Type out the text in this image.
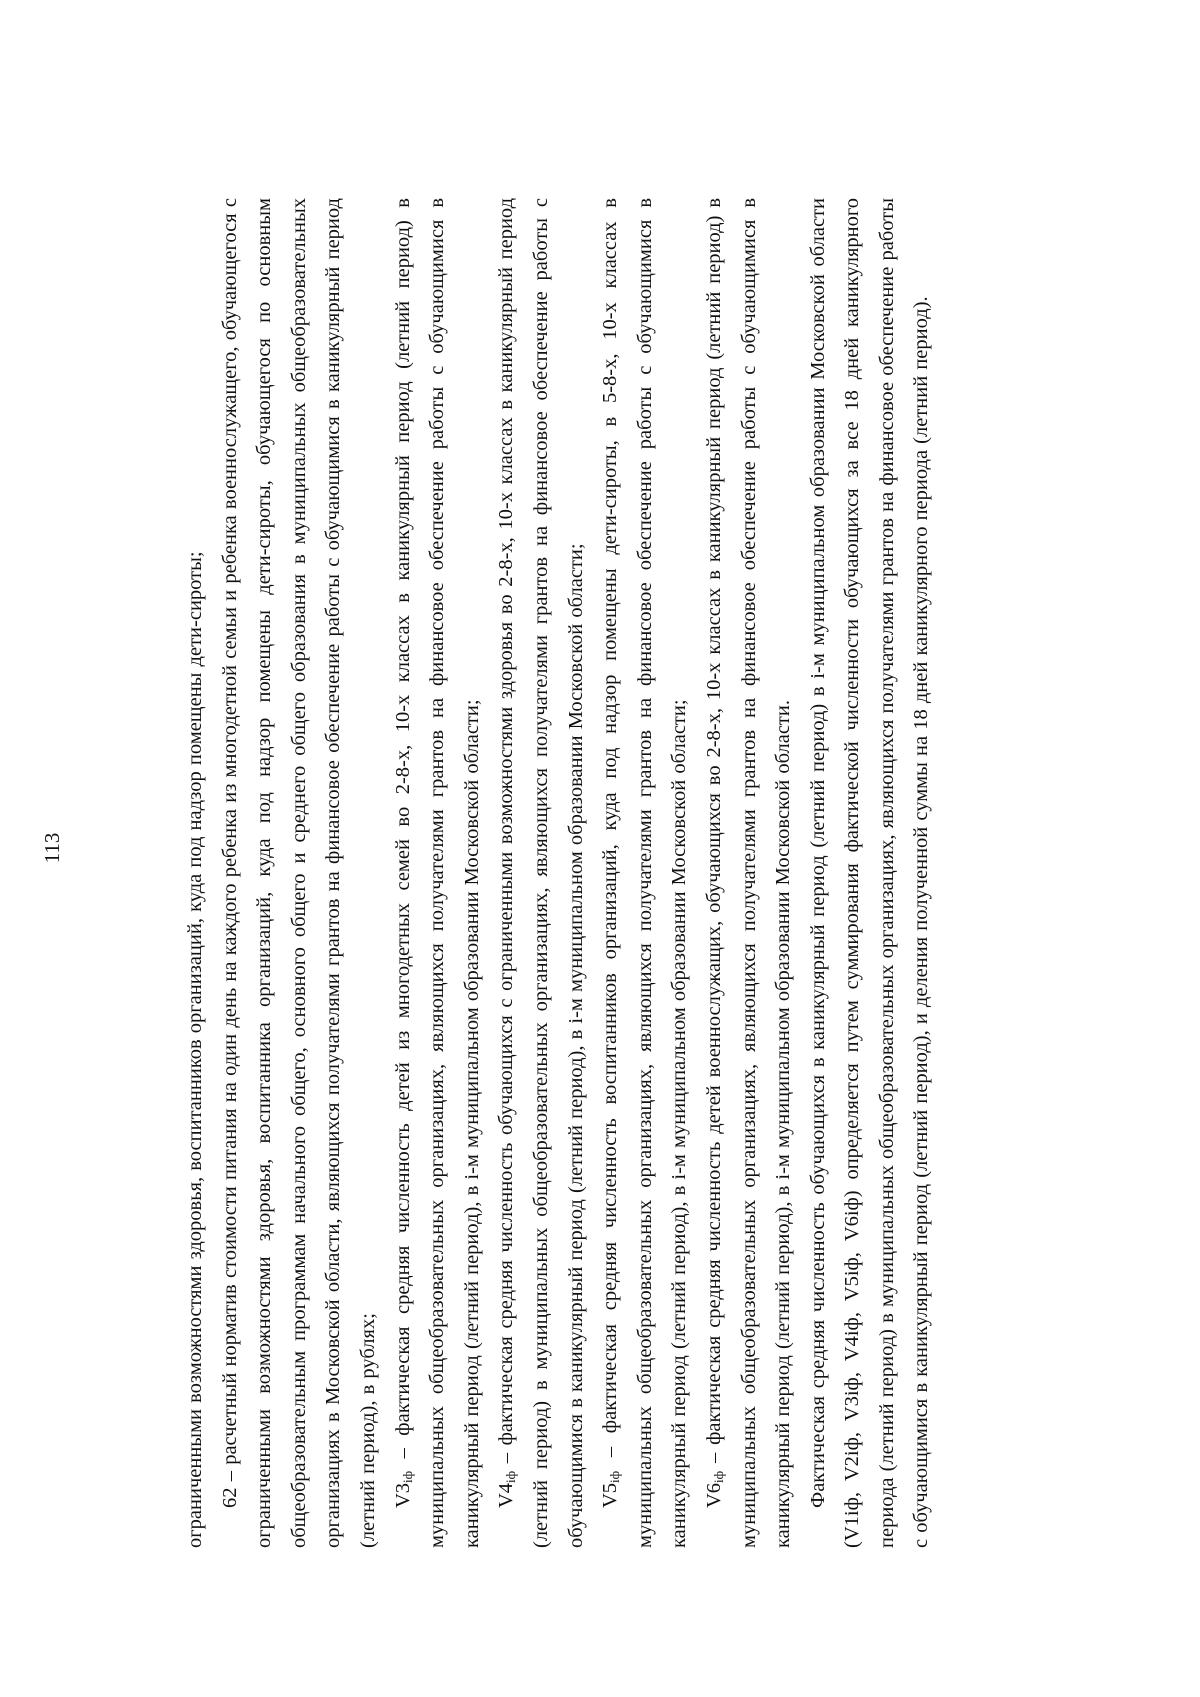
113	ограниченными возможностями здоровья, воспитанников организаций, куда под надзор помещены дети-сироты; 62 – расчетный норматив стоимости питания на один день на каждого ребенка из многодетной семьи и ребенка военнослужащего, обучающегося с ограниченными возможностями здоровья, воспитанника организаций, куда под надзор помещены дети-сироты, обучающегося по основным общеобразовательным программам начального общего, основного общего и среднего общего образования в муниципальных общеобразовательных организациях в Московской области, являющихся получателями грантов на финансовое обеспечение работы с обучающимися в каникулярный период (летний период), в рублях; $V3_{iф}$ – фактическая средняя численность детей из многодетных семей во 2-8-х, 10-х классах в каникулярный период (летний период) в муниципальных общеобразовательных организациях, являющихся получателями грантов на финансовое обеспечение работы с обучающимися в каникулярный период (летний период), в i-м муниципальном образовании Московской области; $V4_{iф}$ – фактическая средняя численность обучающихся с ограниченными возможностями здоровья во 2-8-х, 10-х классах в каникулярный период (летний период) в муниципальных общеобразовательных организациях, являющихся получателями грантов на финансовое обеспечение работы с обучающимися в каникулярный период (летний период), в i-м муниципальном образовании Московской области; $V5_{iф}$ – фактическая средняя численность воспитанников организаций, куда под надзор помещены дети-сироты, в 5-8-х, 10-х классах в муниципальных общеобразовательных организациях, являющихся получателями грантов на финансовое обеспечение работы с обучающимися в каникулярный период (летний период), в i-м муниципальном образовании Московской области; $V6_{iф}$ – фактическая средняя численность детей военнослужащих, обучающихся во 2-8-х, 10-х классах в каникулярный период (летний период) в муниципальных общеобразовательных организациях, являющихся получателями грантов на финансовое обеспечение работы с обучающимися в каникулярный период (летний период), в i-м муниципальном образовании Московской области. Фактическая средняя численность обучающихся в каникулярный период (летний период) в i-м муниципальном образовании Московской области (V1iф, V2iф, V3iф, V4iф, V5iф, V6iф) определяется путем суммирования фактической численности обучающихся за все 18 дней каникулярного периода (летний период) в муниципальных общеобразовательных организациях, являющихся получателями грантов на финансовое обеспечение работы с обучающимися в каникулярный период (летний период), и деления полученной суммы на 18 дней каникулярного периода (летний период).
